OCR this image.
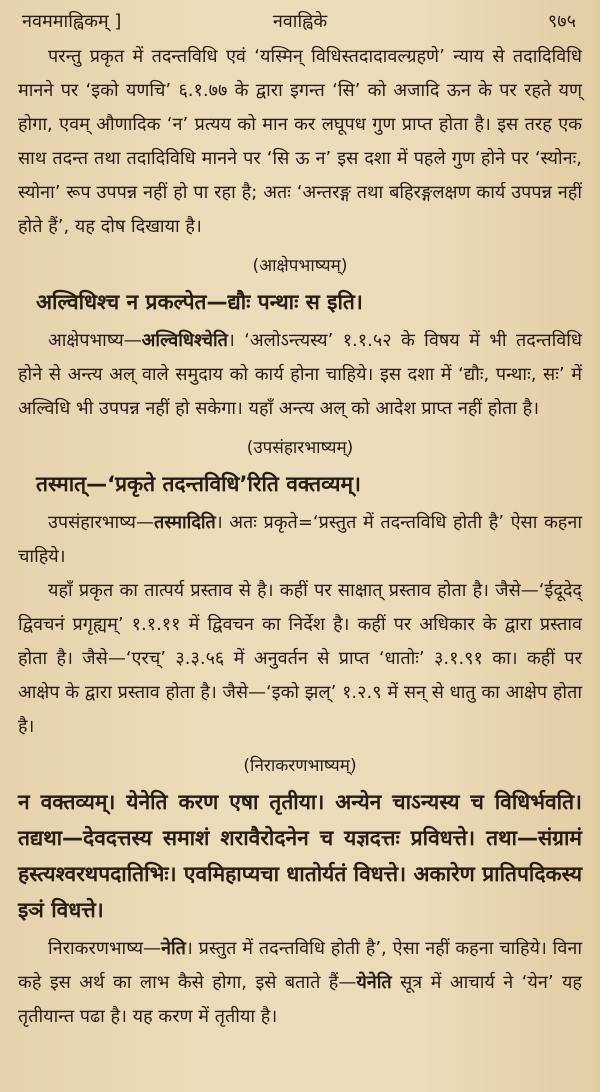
नवममाह्विकम् ]	नवाह्विके	९७५

परन्तु प्रकृत में तदन्तविधि एवं ‘यस्मिन् विधिस्तदादावल्ग्रहणे’ न्याय से तदादिविधि मानने पर ‘इको यणचि’ ६.१.७७ के द्वारा इगन्त ‘सि’ को अजादि ऊन के पर रहते यण् होगा, एवम् औणादिक ‘न’ प्रत्यय को मान कर लघूपध गुण प्राप्त होता है। इस तरह एक साथ तदन्त तथा तदादिविधि मानने पर ‘सि ऊ न’ इस दशा में पहले गुण होने पर ‘स्योनः, स्योना’ रूप उपपन्न नहीं हो पा रहा है; अतः ‘अन्तरङ्ग तथा बहिरङ्गलक्षण कार्य उपपन्न नहीं होते हैं’, यह दोष दिखाया है।

(आक्षेपभाष्यम्)
अल्विधिश्च न प्रकल्पेत—द्यौः पन्थाः स इति।

आक्षेपभाष्य—अल्विधिश्चेति। ‘अलोऽन्त्यस्य’ १.१.५२ के विषय में भी तदन्तविधि होने से अन्त्य अल् वाले समुदाय को कार्य होना चाहिये। इस दशा में ‘द्यौः, पन्थाः, सः’ में अल्विधि भी उपपन्न नहीं हो सकेगा। यहाँ अन्त्य अल् को आदेश प्राप्त नहीं होता है।

(उपसंहारभाष्यम्)
तस्मात्—‘प्रकृते तदन्तविधि’रिति वक्तव्यम्।

उपसंहारभाष्य—तस्मादिति। अतः प्रकृते=‘प्रस्तुत में तदन्तविधि होती है’ ऐसा कहना चाहिये।

यहाँ प्रकृत का तात्पर्य प्रस्ताव से है। कहीं पर साक्षात् प्रस्ताव होता है। जैसे—‘ईदूदेद् द्विवचनं प्रगृह्यम्’ १.१.११ में द्विवचन का निर्देश है। कहीं पर अधिकार के द्वारा प्रस्ताव होता है। जैसे—‘एरच्’ ३.३.५६ में अनुवर्तन से प्राप्त ‘धातोः’ ३.१.९१ का। कहीं पर आक्षेप के द्वारा प्रस्ताव होता है। जैसे—‘इको झल्’ १.२.९ में सन् से धातु का आक्षेप होता है।

(निराकरणभाष्यम्)
न वक्तव्यम्। येनेति करण एषा तृतीया। अन्येन चाऽन्यस्य च विधिर्भवति। तद्यथा—देवदत्तस्य समाशं शरावैरोदनेन च यज्ञदत्तः प्रविधत्ते। तथा—संग्रामं हस्त्यश्वरथपदातिभिः। एवमिहाप्यचा धातोर्यतं विधत्ते। अकारेण प्रातिपदिकस्य इञं विधत्ते।

निराकरणभाष्य—नेति। प्रस्तुत में तदन्तविधि होती है’, ऐसा नहीं कहना चाहिये। विना कहे इस अर्थ का लाभ कैसे होगा, इसे बताते हैं—येनेति सूत्र में आचार्य ने ‘येन’ यह तृतीयान्त पढा है। यह करण में तृतीया है।
